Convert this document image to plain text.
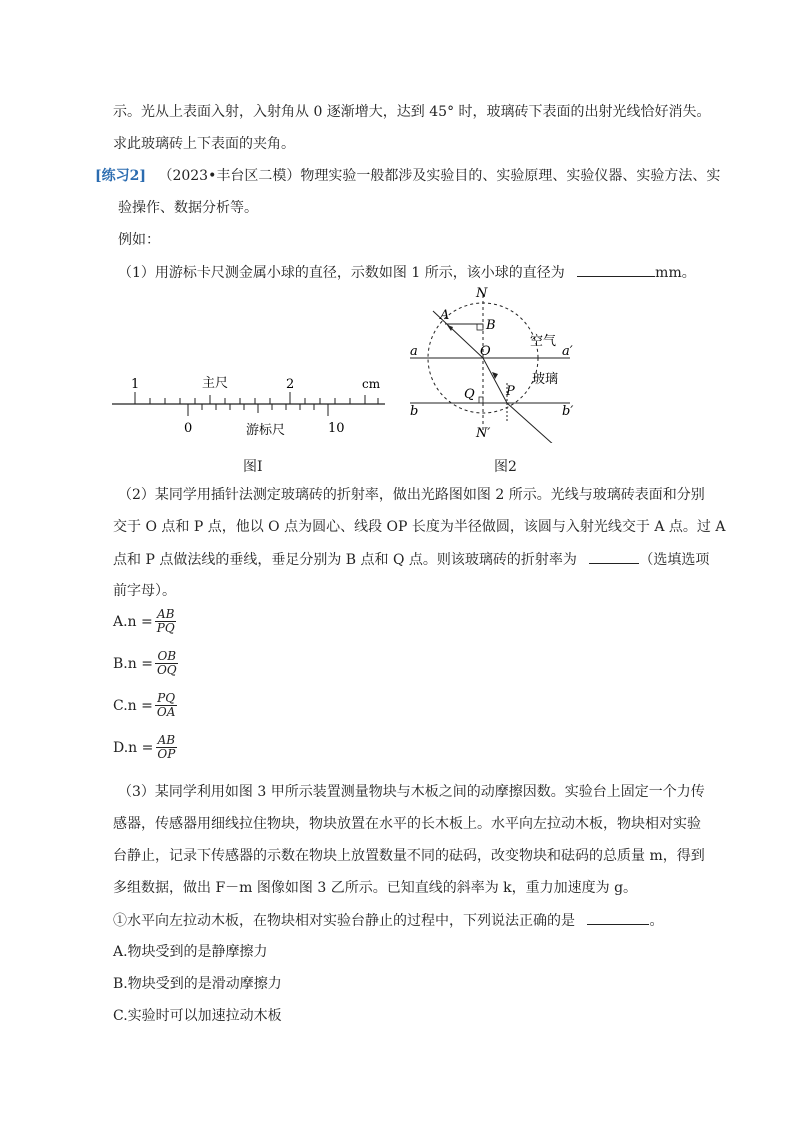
示。光从上表面入射，入射角从 0 逐渐增大，达到 45° 时，玻璃砖下表面的出射光线恰好消失。
求此玻璃砖上下表面的夹角。
[练习2] （2023•丰台区二模）物理实验一般都涉及实验目的、实验原理、实验仪器、实验方法、实
验操作、数据分析等。
例如：
（1）用游标卡尺测金属小球的直径，示数如图 1 所示，该小球的直径为	mm。
1	2	cm
主尺
0	游标尺	10
图Ⅰ
N
A
B
O
a	a′
空气
玻璃
Q P
b	b′
N′
图2
（2）某同学用插针法测定玻璃砖的折射率，做出光路图如图 2 所示。光线与玻璃砖表面和分别
交于 O 点和 P 点，他以 O 点为圆心、线段 OP 长度为半径做圆，该圆与入射光线交于 A 点。过 A
点和 P 点做法线的垂线，垂足分别为 B 点和 Q 点。则该玻璃砖的折射率为	（选填选项
前字母）。
$A.n = \frac{AB}{PQ}$
$B.n = \frac{OB}{OQ}$
$C.n = \frac{PQ}{OA}$
$D.n = \frac{AB}{OP}$
（3）某同学利用如图 3 甲所示装置测量物块与木板之间的动摩擦因数。实验台上固定一个力传
感器，传感器用细线拉住物块，物块放置在水平的长木板上。水平向左拉动木板，物块相对实验
台静止，记录下传感器的示数在物块上放置数量不同的砝码，改变物块和砝码的总质量 m，得到
多组数据，做出 F－m 图像如图 3 乙所示。已知直线的斜率为 k，重力加速度为 g。
①水平向左拉动木板，在物块相对实验台静止的过程中，下列说法正确的是	。
A.物块受到的是静摩擦力
B.物块受到的是滑动摩擦力
C.实验时可以加速拉动木板
